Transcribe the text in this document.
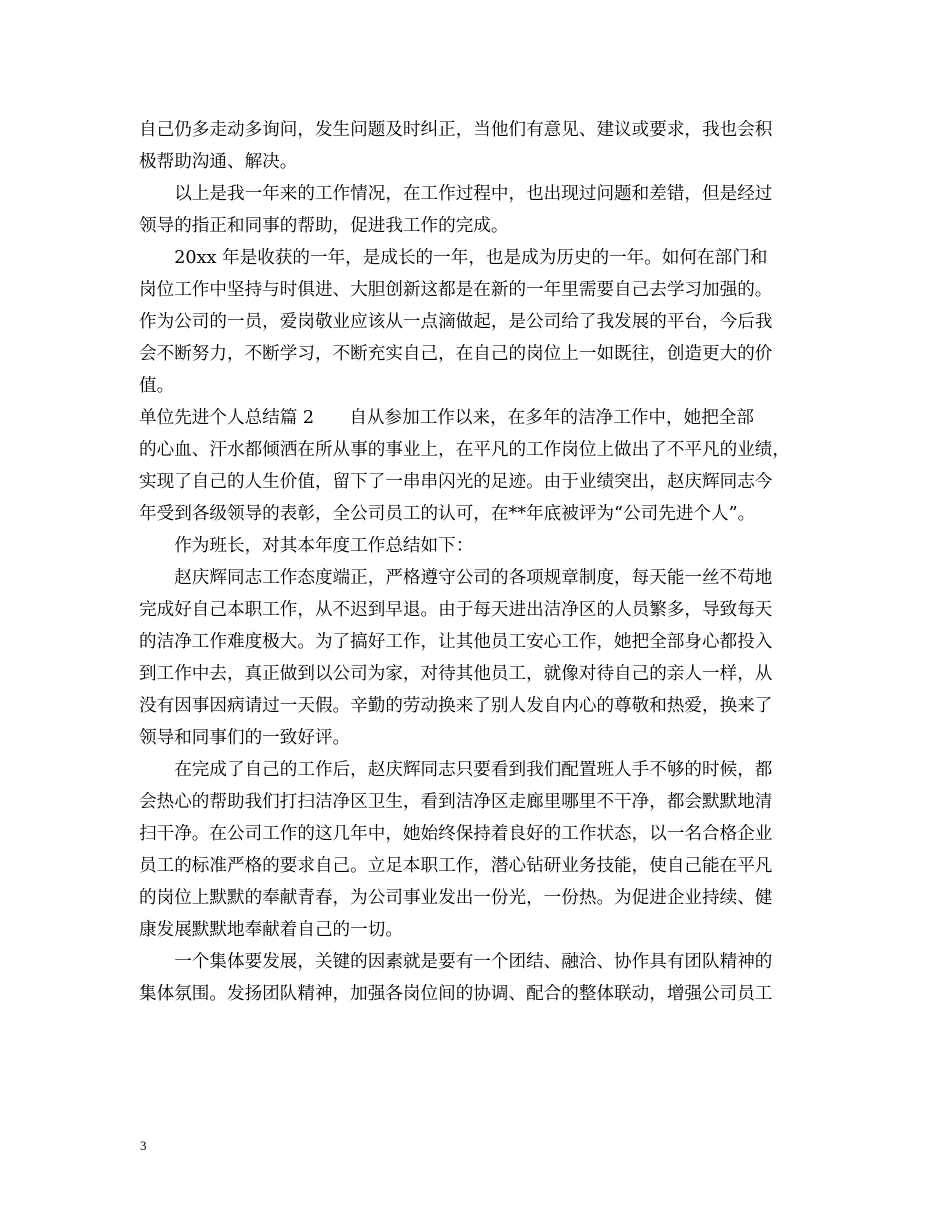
自己仍多走动多询问，发生问题及时纠正，当他们有意见、建议或要求，我也会积
极帮助沟通、解决。
　　以上是我一年来的工作情况，在工作过程中，也出现过问题和差错，但是经过
领导的指正和同事的帮助，促进我工作的完成。
　　20xx 年是收获的一年，是成长的一年，也是成为历史的一年。如何在部门和
岗位工作中坚持与时俱进、大胆创新这都是在新的一年里需要自己去学习加强的。
作为公司的一员，爱岗敬业应该从一点滴做起，是公司给了我发展的平台，今后我
会不断努力，不断学习，不断充实自己，在自己的岗位上一如既往，创造更大的价
值。
单位先进个人总结篇 2　　自从参加工作以来，在多年的洁净工作中，她把全部
的心血、汗水都倾洒在所从事的事业上，在平凡的工作岗位上做出了不平凡的业绩，
实现了自己的人生价值，留下了一串串闪光的足迹。由于业绩突出，赵庆辉同志今
年受到各级领导的表彰，全公司员工的认可，在**年底被评为“公司先进个人”。
　　作为班长，对其本年度工作总结如下：
　　赵庆辉同志工作态度端正，严格遵守公司的各项规章制度，每天能一丝不苟地
完成好自己本职工作，从不迟到早退。由于每天进出洁净区的人员繁多，导致每天
的洁净工作难度极大。为了搞好工作，让其他员工安心工作，她把全部身心都投入
到工作中去，真正做到以公司为家，对待其他员工，就像对待自己的亲人一样，从
没有因事因病请过一天假。辛勤的劳动换来了别人发自内心的尊敬和热爱，换来了
领导和同事们的一致好评。
　　在完成了自己的工作后，赵庆辉同志只要看到我们配置班人手不够的时候，都
会热心的帮助我们打扫洁净区卫生，看到洁净区走廊里哪里不干净，都会默默地清
扫干净。在公司工作的这几年中，她始终保持着良好的工作状态，以一名合格企业
员工的标准严格的要求自己。立足本职工作，潜心钻研业务技能，使自己能在平凡
的岗位上默默的奉献青春，为公司事业发出一份光，一份热。为促进企业持续、健
康发展默默地奉献着自己的一切。
　　一个集体要发展，关键的因素就是要有一个团结、融洽、协作具有团队精神的
集体氛围。发扬团队精神，加强各岗位间的协调、配合的整体联动，增强公司员工
3
